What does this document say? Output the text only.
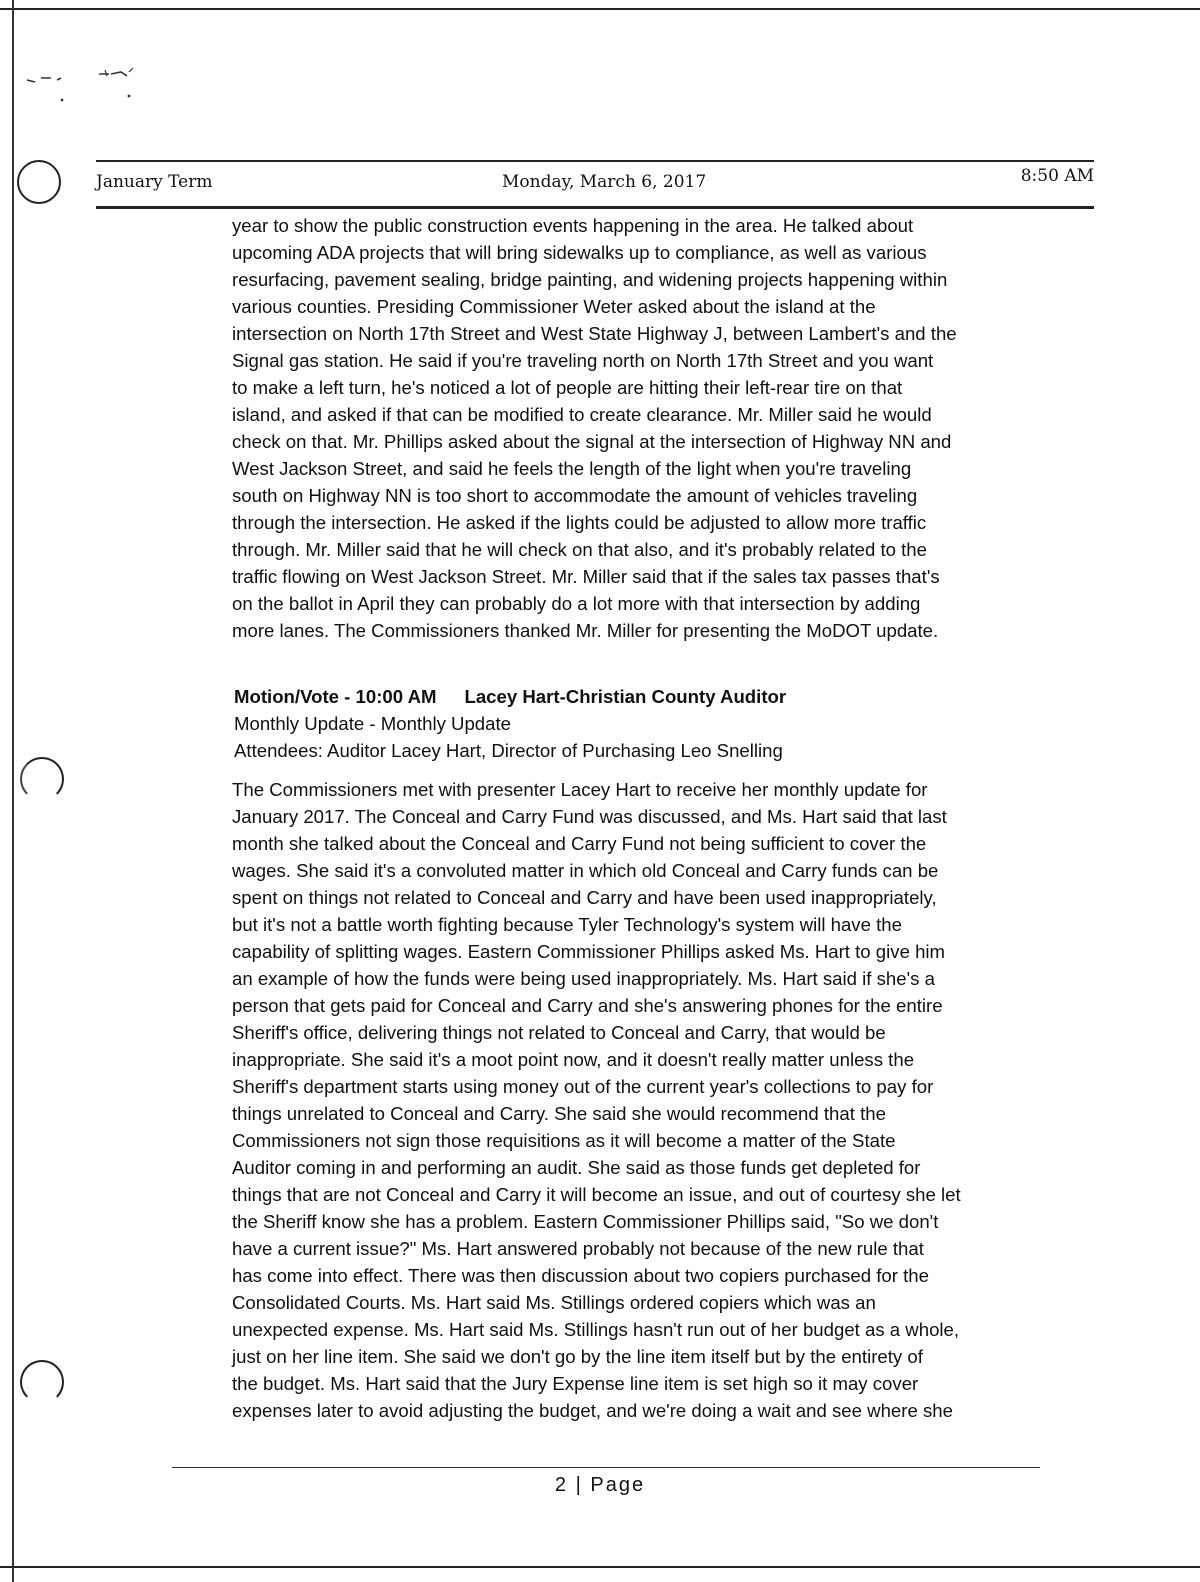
January Term	Monday, March 6, 2017	8:50 AM
year to show the public construction events happening in the area. He talked about
upcoming ADA projects that will bring sidewalks up to compliance, as well as various
resurfacing, pavement sealing, bridge painting, and widening projects happening within
various counties. Presiding Commissioner Weter asked about the island at the
intersection on North 17th Street and West State Highway J, between Lambert's and the
Signal gas station. He said if you're traveling north on North 17th Street and you want
to make a left turn, he's noticed a lot of people are hitting their left-rear tire on that
island, and asked if that can be modified to create clearance. Mr. Miller said he would
check on that. Mr. Phillips asked about the signal at the intersection of Highway NN and
West Jackson Street, and said he feels the length of the light when you're traveling
south on Highway NN is too short to accommodate the amount of vehicles traveling
through the intersection. He asked if the lights could be adjusted to allow more traffic
through. Mr. Miller said that he will check on that also, and it's probably related to the
traffic flowing on West Jackson Street. Mr. Miller said that if the sales tax passes that's
on the ballot in April they can probably do a lot more with that intersection by adding
more lanes. The Commissioners thanked Mr. Miller for presenting the MoDOT update.
Motion/Vote - 10:00 AM Lacey Hart-Christian County Auditor
Monthly Update - Monthly Update
Attendees: Auditor Lacey Hart, Director of Purchasing Leo Snelling
The Commissioners met with presenter Lacey Hart to receive her monthly update for
January 2017. The Conceal and Carry Fund was discussed, and Ms. Hart said that last
month she talked about the Conceal and Carry Fund not being sufficient to cover the
wages. She said it's a convoluted matter in which old Conceal and Carry funds can be
spent on things not related to Conceal and Carry and have been used inappropriately,
but it's not a battle worth fighting because Tyler Technology's system will have the
capability of splitting wages. Eastern Commissioner Phillips asked Ms. Hart to give him
an example of how the funds were being used inappropriately. Ms. Hart said if she's a
person that gets paid for Conceal and Carry and she's answering phones for the entire
Sheriff's office, delivering things not related to Conceal and Carry, that would be
inappropriate. She said it's a moot point now, and it doesn't really matter unless the
Sheriff's department starts using money out of the current year's collections to pay for
things unrelated to Conceal and Carry. She said she would recommend that the
Commissioners not sign those requisitions as it will become a matter of the State
Auditor coming in and performing an audit. She said as those funds get depleted for
things that are not Conceal and Carry it will become an issue, and out of courtesy she let
the Sheriff know she has a problem. Eastern Commissioner Phillips said, "So we don't
have a current issue?" Ms. Hart answered probably not because of the new rule that
has come into effect. There was then discussion about two copiers purchased for the
Consolidated Courts. Ms. Hart said Ms. Stillings ordered copiers which was an
unexpected expense. Ms. Hart said Ms. Stillings hasn't run out of her budget as a whole,
just on her line item. She said we don't go by the line item itself but by the entirety of
the budget. Ms. Hart said that the Jury Expense line item is set high so it may cover
expenses later to avoid adjusting the budget, and we're doing a wait and see where she
2 | Page
